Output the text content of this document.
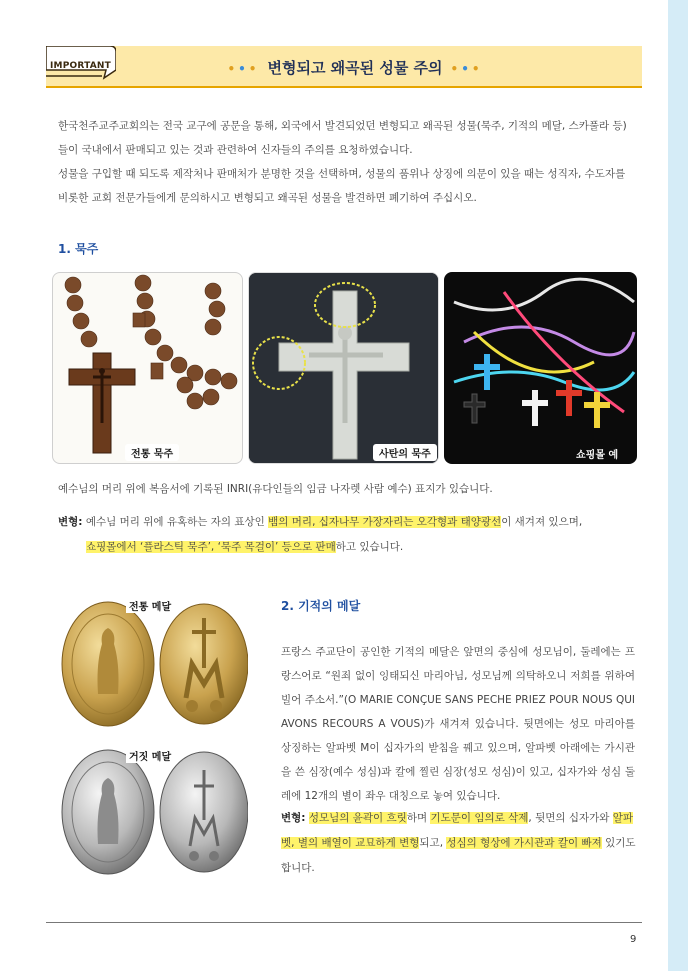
IMPORTANT	••• 변형되고 왜곡된 성물 주의 •••

한국천주교주교회의는 전국 교구에 공문을 통해, 외국에서 발견되었던 변형되고 왜곡된 성물(묵주, 기적의 메달, 스카풀라 등)들이 국내에서 판매되고 있는 것과 관련하여 신자들의 주의를 요청하였습니다.

성물을 구입할 때 되도록 제작처나 판매처가 분명한 것을 선택하며, 성물의 품위나 상징에 의문이 있을 때는 성직자, 수도자를 비롯한 교회 전문가들에게 문의하시고 변형되고 왜곡된 성물을 발견하면 폐기하여 주십시오.

1. 묵주
전통 묵주	사탄의 묵주	쇼핑몰 예
예수님의 머리 위에 복음서에 기록된 INRI(유다인들의 임금 나자렛 사람 예수) 표지가 있습니다.
변형: 예수님 머리 위에 유혹하는 자의 표상인 뱀의 머리, 십자나무 가장자리는 오각형과 태양광선이 새겨져 있으며,
쇼핑몰에서 ‘플라스틱 묵주’, ‘묵주 목걸이’ 등으로 판매하고 있습니다.
전통 메달
거짓 메달
2. 기적의 메달
프랑스 주교단이 공인한 기적의 메달은 앞면의 중심에 성모님이, 둘레에는 프랑스어로 “원죄 없이 잉태되신 마리아님, 성모님께 의탁하오니 저희를 위하여 빌어 주소서.”(O MARIE CONÇUE SANS PECHE PRIEZ POUR NOUS QUI AVONS RECOURS A VOUS)가 새겨져 있습니다. 뒷면에는 성모 마리아를 상징하는 알파벳 M이 십자가의 받침을 꿰고 있으며, 알파벳 아래에는 가시관을 쓴 심장(예수 성심)과 칼에 찔린 심장(성모 성심)이 있고, 십자가와 성심 둘레에 12개의 별이 좌우 대칭으로 놓여 있습니다.
변형: 성모님의 윤곽이 흐릿하며 기도문이 임의로 삭제, 뒷면의 십자가와 알파벳, 별의 배열이 교묘하게 변형되고, 성심의 형상에 가시관과 칼이 빠져 있기도 합니다.
9
